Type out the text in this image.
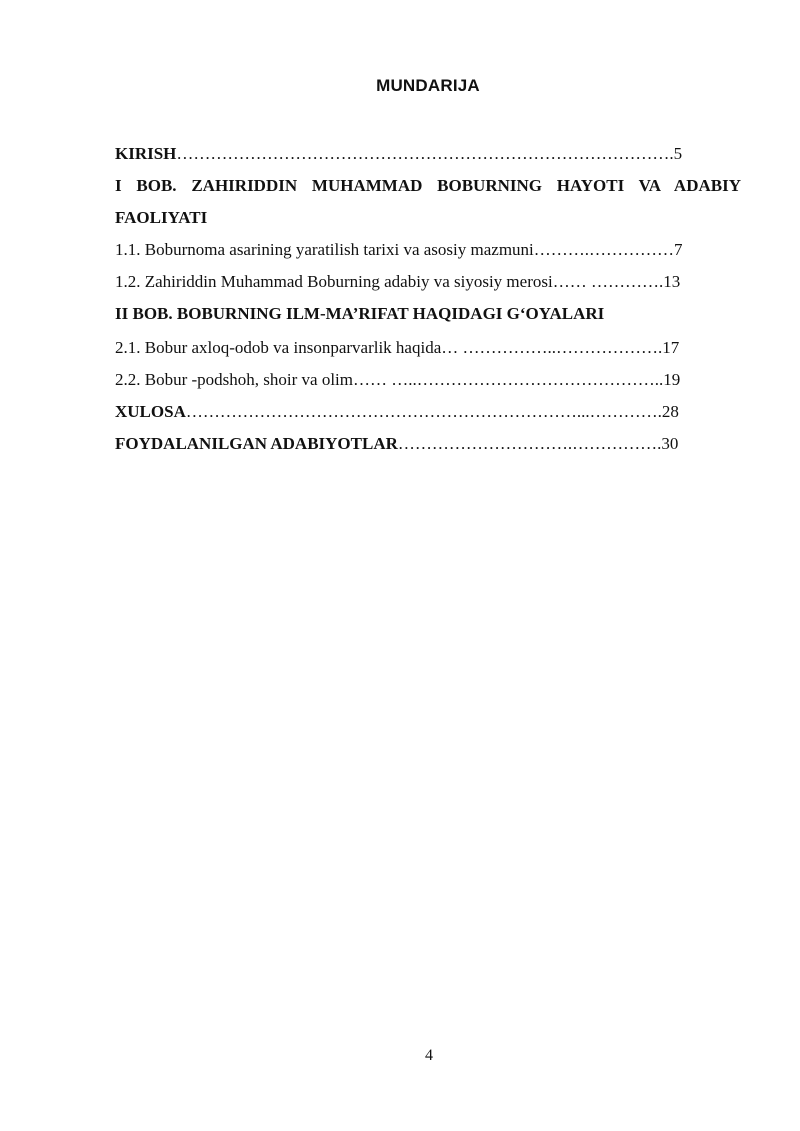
MUNDARIJA
KIRISH…………………………………………………………………………….5
I BOB. ZAHIRIDDIN MUHAMMAD BOBURNING HAYOTI VA ADABIY
FAOLIYATI
1.1. Boburnoma asarining yaratilish tarixi va asosiy mazmuni……….……………7
1.2. Zahiriddin Muhammad Boburning adabiy va siyosiy merosi…… ………….13
II BOB. BOBURNING ILM-MA’RIFAT HAQIDAGI G‘OYALARI
2.1. Bobur axloq-odob va insonparvarlik haqida… ……………..……………….17
2.2. Bobur -podshoh, shoir va olim…… …..……………………………………..19
XULOSA……………………………………………………………...………….28
FOYDALANILGAN ADABIYOTLAR………………………….…………….30
4
